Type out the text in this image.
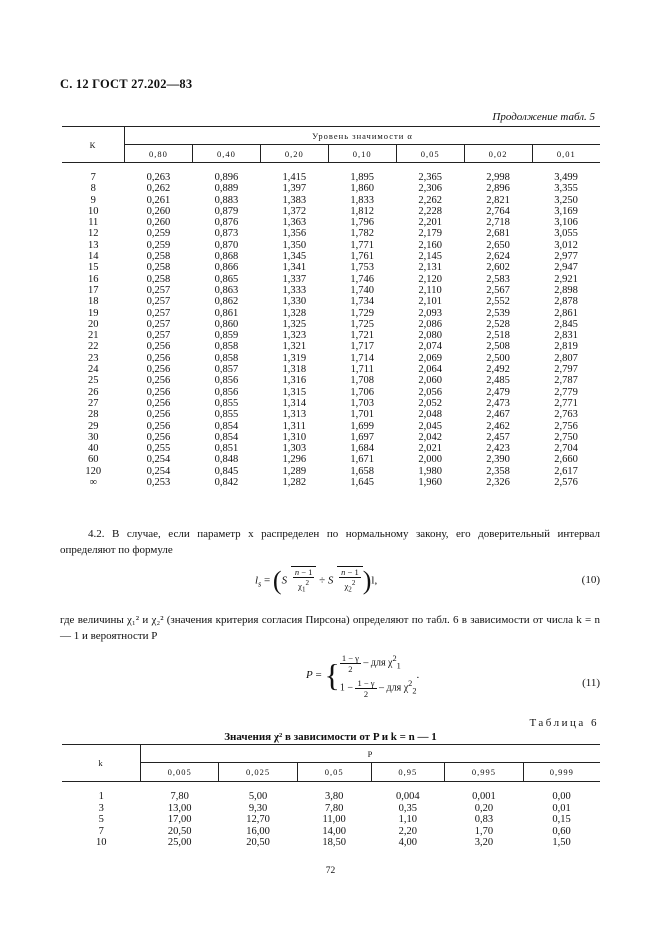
С. 12 ГОСТ 27.202—83
Продолжение табл. 5
К	Уровень значимости α						
	0,80	0,40	0,20	0,10	0,05	0,02	0,01

7	0,263	0,896	1,415	1,895	2,365	2,998	3,499
8	0,262	0,889	1,397	1,860	2,306	2,896	3,355
9	0,261	0,883	1,383	1,833	2,262	2,821	3,250
10	0,260	0,879	1,372	1,812	2,228	2,764	3,169
11	0,260	0,876	1,363	1,796	2,201	2,718	3,106
12	0,259	0,873	1,356	1,782	2,179	2,681	3,055
13	0,259	0,870	1,350	1,771	2,160	2,650	3,012
14	0,258	0,868	1,345	1,761	2,145	2,624	2,977
15	0,258	0,866	1,341	1,753	2,131	2,602	2,947
16	0,258	0,865	1,337	1,746	2,120	2,583	2,921
17	0,257	0,863	1,333	1,740	2,110	2,567	2,898
18	0,257	0,862	1,330	1,734	2,101	2,552	2,878
19	0,257	0,861	1,328	1,729	2,093	2,539	2,861
20	0,257	0,860	1,325	1,725	2,086	2,528	2,845
21	0,257	0,859	1,323	1,721	2,080	2,518	2,831
22	0,256	0,858	1,321	1,717	2,074	2,508	2,819
23	0,256	0,858	1,319	1,714	2,069	2,500	2,807
24	0,256	0,857	1,318	1,711	2,064	2,492	2,797
25	0,256	0,856	1,316	1,708	2,060	2,485	2,787
26	0,256	0,856	1,315	1,706	2,056	2,479	2,779
27	0,256	0,855	1,314	1,703	2,052	2,473	2,771
28	0,256	0,855	1,313	1,701	2,048	2,467	2,763
29	0,256	0,854	1,311	1,699	2,045	2,462	2,756
30	0,256	0,854	1,310	1,697	2,042	2,457	2,750
40	0,255	0,851	1,303	1,684	2,021	2,423	2,704
60	0,254	0,848	1,296	1,671	2,000	2,390	2,660
120	0,254	0,845	1,289	1,658	1,980	2,358	2,617
∞	0,253	0,842	1,282	1,645	1,960	2,326	2,576
4.2. В случае, если параметр x распределен по нормальному закону, его доверительный интервал определяют по формуле
$l_s = (S \frac{n - 1}{\chi_1^2} \div S \frac{n - 1}{\chi_2^2} )l$,	(10)
где величины χ₁² и χ₂² (значения критерия согласия Пирсона) определяют по табл. 6 в зависимости от числа k = n — 1 и вероятности P
P = { $\frac{1 - \gamma}{2}$ – для $\chi^2_1$
$1 - \frac{1 - \gamma}{2}$ – для $\chi^2_2$
.
(11)
Таблица 6
Значения χ² в зависимости от P и k = n — 1
k	P					
	0,005	0,025	0,05	0,95	0,995	0,999

1	7,80	5,00	3,80	0,004	0,001	0,00
3	13,00	9,30	7,80	0,35	0,20	0,01
5	17,00	12,70	11,00	1,10	0,83	0,15
7	20,50	16,00	14,00	2,20	1,70	0,60
10	25,00	20,50	18,50	4,00	3,20	1,50
72
